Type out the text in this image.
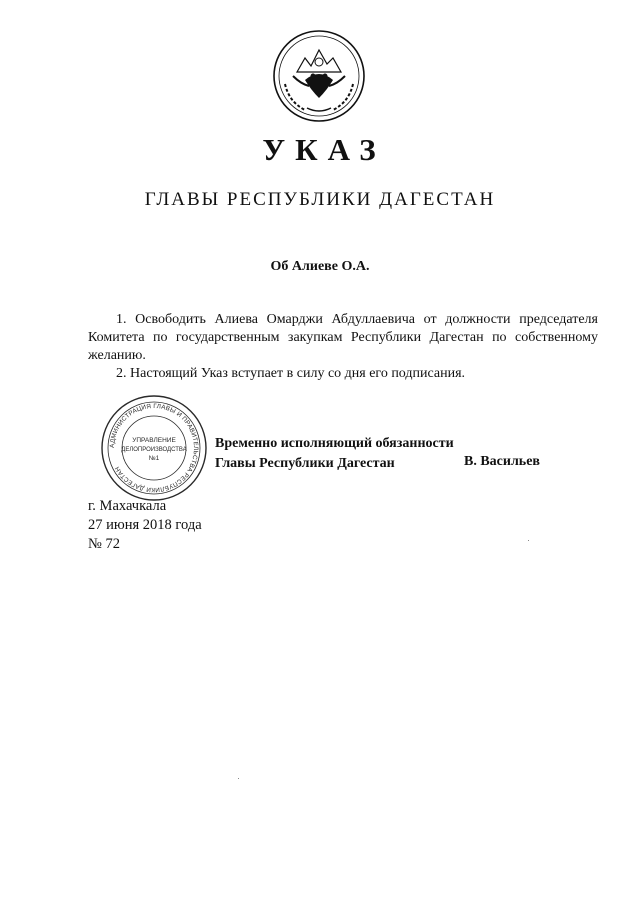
УКАЗ
ГЛАВЫ РЕСПУБЛИКИ ДАГЕСТАН
Об Алиеве О.А.
1. Освободить Алиева Омарджи Абдуллаевича от должности председателя Комитета по государственным закупкам Республики Дагестан по собственному желанию.
2. Настоящий Указ вступает в силу со дня его подписания.
АДМИНИСТРАЦИЯ ГЛАВЫ И ПРАВИТЕЛЬСТВА РЕСПУБЛИКИ ДАГЕСТАН
УПРАВЛЕНИЕ
ДЕЛОПРОИЗВОДСТВА
№1
Временно исполняющий обязанности
Главы Республики Дагестан	В. Васильев
г. Махачкала
27 июня 2018 года
№ 72
